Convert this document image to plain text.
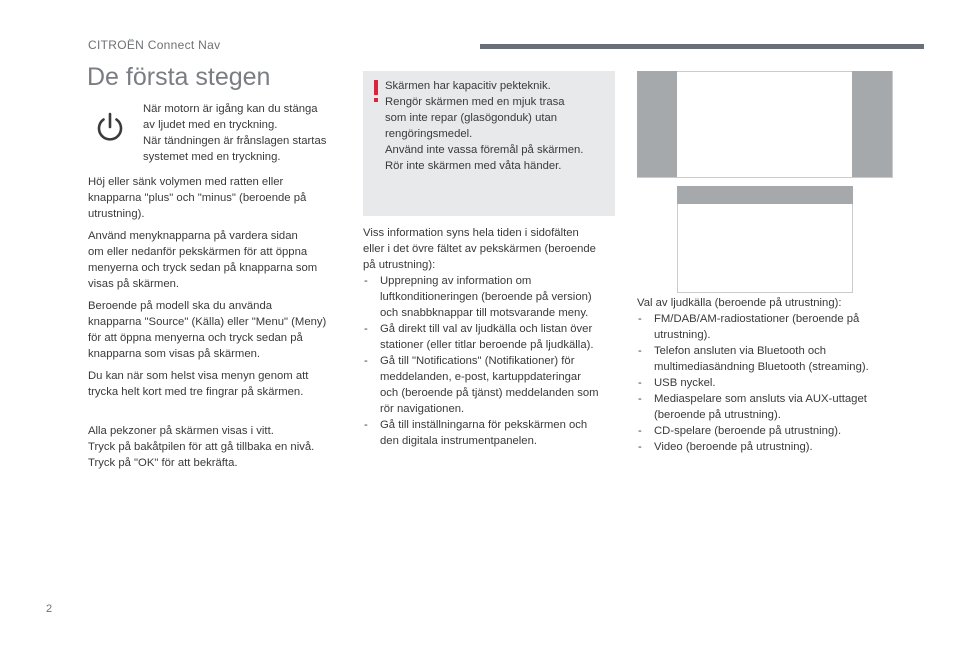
CITROËN Connect Nav
De första stegen

När motorn är igång kan du stänga

av ljudet med en tryckning.

När tändningen är frånslagen startas

systemet med en tryckning.

Höj eller sänk volymen med ratten eller

knapparna "plus" och "minus" (beroende på

utrustning).

Använd menyknapparna på vardera sidan

om eller nedanför pekskärmen för att öppna

menyerna och tryck sedan på knapparna som

visas på skärmen.

Beroende på modell ska du använda

knapparna "Source" (Källa) eller "Menu" (Meny)

för att öppna menyerna och tryck sedan på

knapparna som visas på skärmen.

Du kan när som helst visa menyn genom att

trycka helt kort med tre fingrar på skärmen.

Alla pekzoner på skärmen visas i vitt.

Tryck på bakåtpilen för att gå tillbaka en nivå.

Tryck på "OK" för att bekräfta.

Skärmen har kapacitiv pekteknik.

Rengör skärmen med en mjuk trasa

som inte repar (glasögonduk) utan

rengöringsmedel.

Använd inte vassa föremål på skärmen.

Rör inte skärmen med våta händer.

Viss information syns hela tiden i sidofälten

eller i det övre fältet av pekskärmen (beroende

på utrustning):

- Upprepning av information om
luftkonditioneringen (beroende på version)
och snabbknappar till motsvarande meny.
- Gå direkt till val av ljudkälla och listan över
stationer (eller titlar beroende på ljudkälla).
- Gå till "Notifications" (Notifikationer) för
meddelanden, e-post, kartuppdateringar
och (beroende på tjänst) meddelanden som
rör navigationen.
- Gå till inställningarna för pekskärmen och
den digitala instrumentpanelen.

Val av ljudkälla (beroende på utrustning):

- FM/DAB/AM-radiostationer (beroende på
utrustning).
- Telefon ansluten via Bluetooth och
multimediasändning Bluetooth (streaming).
- USB nyckel.
- Mediaspelare som ansluts via AUX-uttaget
(beroende på utrustning).
- CD-spelare (beroende på utrustning).
- Video (beroende på utrustning).
2
